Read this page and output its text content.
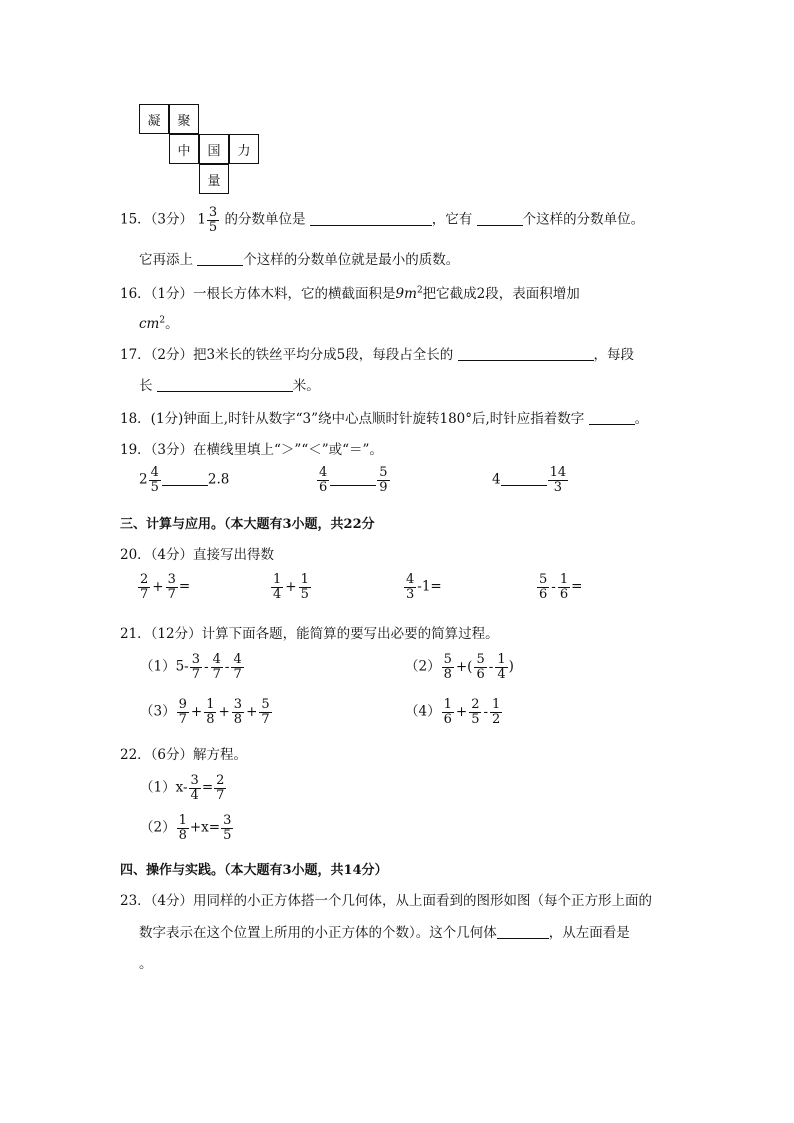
凝	聚
中	国	力
量
15．（3分） $1 \frac{3}{5}$ 的分数单位是	，它有	个这样的分数单位。
它再添上	个这样的分数单位就是最小的质数。
16．（1分）一根长方体木料，它的横截面积是$9m^2$把它截成2段，表面积增加
$cm^2$。
17．（2分）把3米长的铁丝平均分成5段，每段占全长的	，每段
长	米。
18．(1分)钟面上,时针从数字“3”绕中心点顺时针旋转180°后,时针应指着数字	。
19．（3分）在横线里填上“＞”“＜”或“＝”。
$2 \frac{4}{5}$	2.8	$\frac{4}{6}$	$\frac{5}{9}$	4	$\frac{14}{3}$
三、计算与应用。（本大题有3小题，共22分
20．（4分）直接写出得数
$\frac{2}{7} + \frac{3}{7}$ =	$\frac{1}{4} + \frac{1}{5}$	$\frac{4}{3} -1=$	$\frac{5}{6} - \frac{1}{6}$ =
21．（12分）计算下面各题，能简算的要写出必要的简算过程。
$(1)5- \frac{3}{7} - \frac{4}{7} - \frac{4}{7}$	$(2) \frac{5}{8}$ +( $\frac{5}{6} - \frac{1}{4}$ )
$(3) \frac{9}{7} + \frac{1}{8} + \frac{3}{8} + \frac{5}{7}$	$(4) \frac{1}{6} + \frac{2}{5} - \frac{1}{2}$
22．（6分）解方程。
$(1)x- \frac{3}{4} = \frac{2}{7}$
$(2) \frac{1}{8} +x= \frac{3}{5}$
四、操作与实践。（本大题有3小题，共14分）
23．（4分）用同样的小正方体搭一个几何体，从上面看到的图形如图（每个正方形上面的
数字表示在这个位置上所用的小正方体的个数）。这个几何体	，从左面看是
。
